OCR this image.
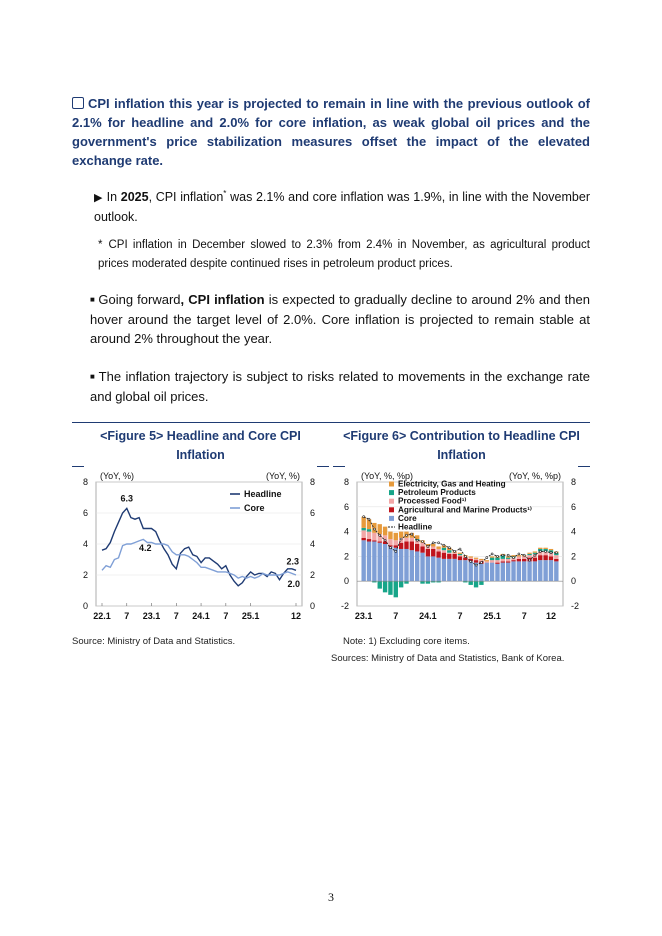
CPI inflation this year is projected to remain in line with the previous outlook of 2.1% for headline and 2.0% for core inflation, as weak global oil prices and the government's price stabilization measures offset the impact of the elevated exchange rate.
▶ In 2025, CPI inflation* was 2.1% and core inflation was 1.9%, in line with the November outlook.
* CPI inflation in December slowed to 2.3% from 2.4% in November, as agricultural product prices moderated despite continued rises in petroleum product prices.
■ Going forward, CPI inflation is expected to gradually decline to around 2% and then hover around the target level of 2.0%. Core inflation is projected to remain stable at around 2% throughout the year.
■ The inflation trajectory is subject to risks related to movements in the exchange rate and global oil prices.
<Figure 5> Headline and Core CPI
Inflation
<Figure 6> Contribution to Headline CPI
Inflation
0	0
2	2
4	4
6	6
8	8
22.1 7 23.1 7 24.1 7 25.1	12
(YoY, %)	(YoY, %)
Headline
Core
6.3
4.2
2.3
2.0
-2	-2
0	0
2	2
4	4
6	6
8	8
23.1 7 24.1 7 25.1 7 12
(YoY, %, %p)	(YoY, %, %p)
Electricity, Gas and Heating
Petroleum Products
Processed Food¹⁾
Agricultural and Marine Products¹⁾
Core
Headline
Source: Ministry of Data and Statistics.	Note: 1) Excluding core items.
Sources: Ministry of Data and Statistics, Bank of Korea.
3
